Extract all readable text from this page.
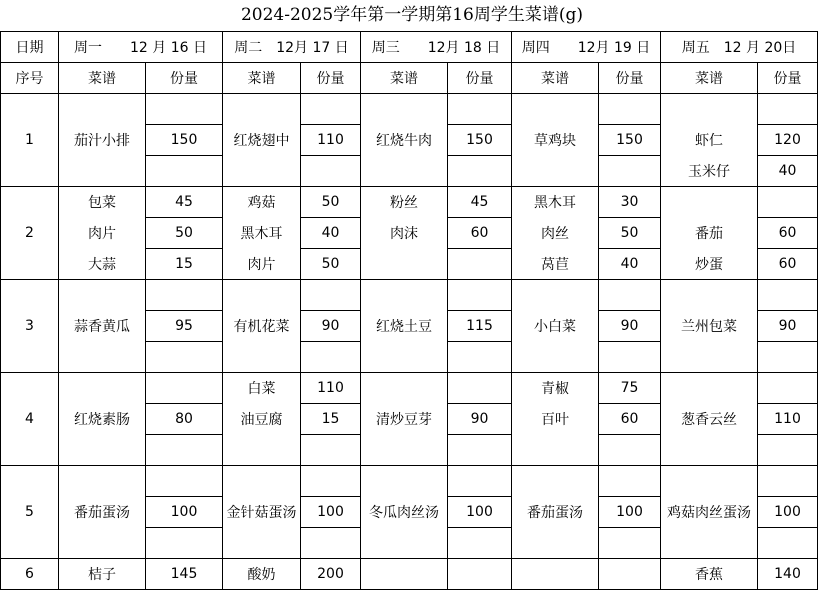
2024-2025学年第一学期第16周学生菜谱(g)
日期	周一　　12 月 16 日		周二　12月 17 日		周三　　12月 18 日		周四　　12月 19 日		周五　12 月 20日	
序号	菜谱	份量	菜谱	份量	菜谱	份量	菜谱	份量	菜谱	份量
1										
	茄汁小排	150	红烧翅中	110	红烧牛肉	150	草鸡块	150	虾仁	120
									玉米仔	40
2	包菜	45	鸡菇	50	粉丝	45	黑木耳	30		
	肉片	50	黑木耳	40	肉沫	60	肉丝	50	番茄	60
	大蒜	15	肉片	50			莴苣	40	炒蛋	60
3										
	蒜香黄瓜	95	有机花菜	90	红烧土豆	115	小白菜	90	兰州包菜	90

4			白菜	110			青椒	75		
	红烧素肠	80	油豆腐	15	清炒豆芽	90	百叶	60	葱香云丝	110

5										
	番茄蛋汤	100	金针菇蛋汤	100	冬瓜肉丝汤	100	番茄蛋汤	100	鸡菇肉丝蛋汤	100

6	桔子	145	酸奶	200					香蕉	140
